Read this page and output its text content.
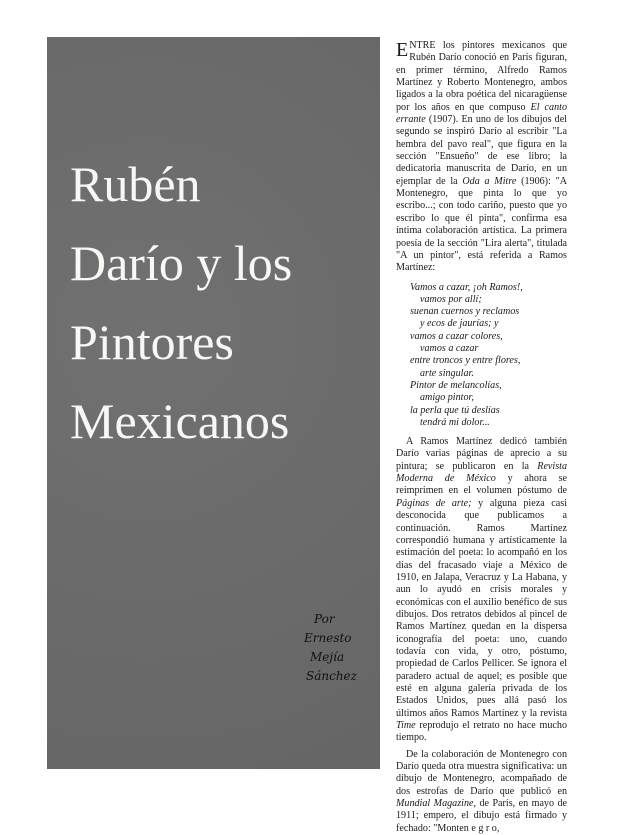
Rubén
Darío y los
Pintores
Mexicanos
Por
Ernesto
Mejía
Sánchez

ENTRE los pintores mexicanos que Rubén Darío conoció en París figuran, en primer término, Alfredo Ramos Martínez y Roberto Montenegro, ambos ligados a la obra poética del nicaragüense por los años en que compuso El canto errante (1907). En uno de los dibujos del segundo se inspiró Darío al escribir "La hembra del pavo real", que figura en la sección "Ensueño" de ese libro; la dedicatoria manuscrita de Darío, en un ejemplar de la Oda a Mitre (1906): "A Montenegro, que pinta lo que yo escribo...; con todo cariño, puesto que yo escribo lo que él pinta", confirma esa íntima colaboración artística. La primera poesía de la sección "Lira alerta", titulada "A un pintor", está referida a Ramos Martínez:

Vamos a cazar, ¡oh Ramos!,
vamos por allí;
suenan cuernos y reclamos
y ecos de jaurías; y
vamos a cazar colores,
vamos a cazar
entre troncos y entre flores,
arte singular.
Pintor de melancolías,
amigo pintor,
la perla que tú deslías
tendrá mi dolor...

A Ramos Martínez dedicó también Darío varias páginas de aprecio a su pintura; se publicaron en la Revista Moderna de México y ahora se reimprimen en el volumen póstumo de Páginas de arte; y alguna pieza casi desconocida que publicamos a continuación. Ramos Martínez correspondió humana y artísticamente la estimación del poeta: lo acompañó en los días del fracasado viaje a México de 1910, en Jalapa, Veracruz y La Habana, y aun lo ayudó en crisis morales y económicas con el auxilio benéfico de sus dibujos. Dos retratos debidos al pincel de Ramos Martínez quedan en la dispersa iconografía del poeta: uno, cuando todavía con vida, y otro, póstumo, propiedad de Carlos Pellicer. Se ignora el paradero actual de aquel; es posible que esté en alguna galería privada de los Estados Unidos, pues allá pasó los últimos años Ramos Martínez y la revista Time reprodujo el retrato no hace mucho tiempo.

De la colaboración de Montenegro con Darío queda otra muestra significativa: un dibujo de Montenegro, acompañado de dos estrofas de Darío que publicó en Mundial Magazine, de París, en mayo de 1911; empero, el dibujo está firmado y fechado: "Monten e g r o,
